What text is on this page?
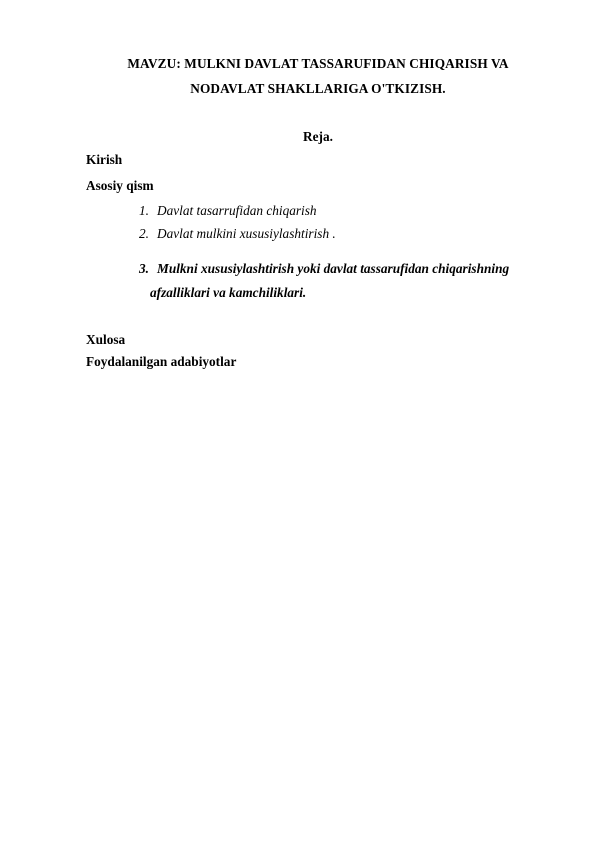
MAVZU: MULKNI DAVLAT TASSARUFIDAN CHIQARISH VA
NODAVLAT SHAKLLARIGA O'TKIZISH.
Reja.
Kirish
Asosiy qism
1. Davlat tasarrufidan chiqarish
2. Davlat mulkini xususiylashtirish .
3. Mulkni xususiylashtirish yoki davlat tassarufidan chiqarishning
afzalliklari va kamchiliklari.
Xulosa
Foydalanilgan adabiyotlar
